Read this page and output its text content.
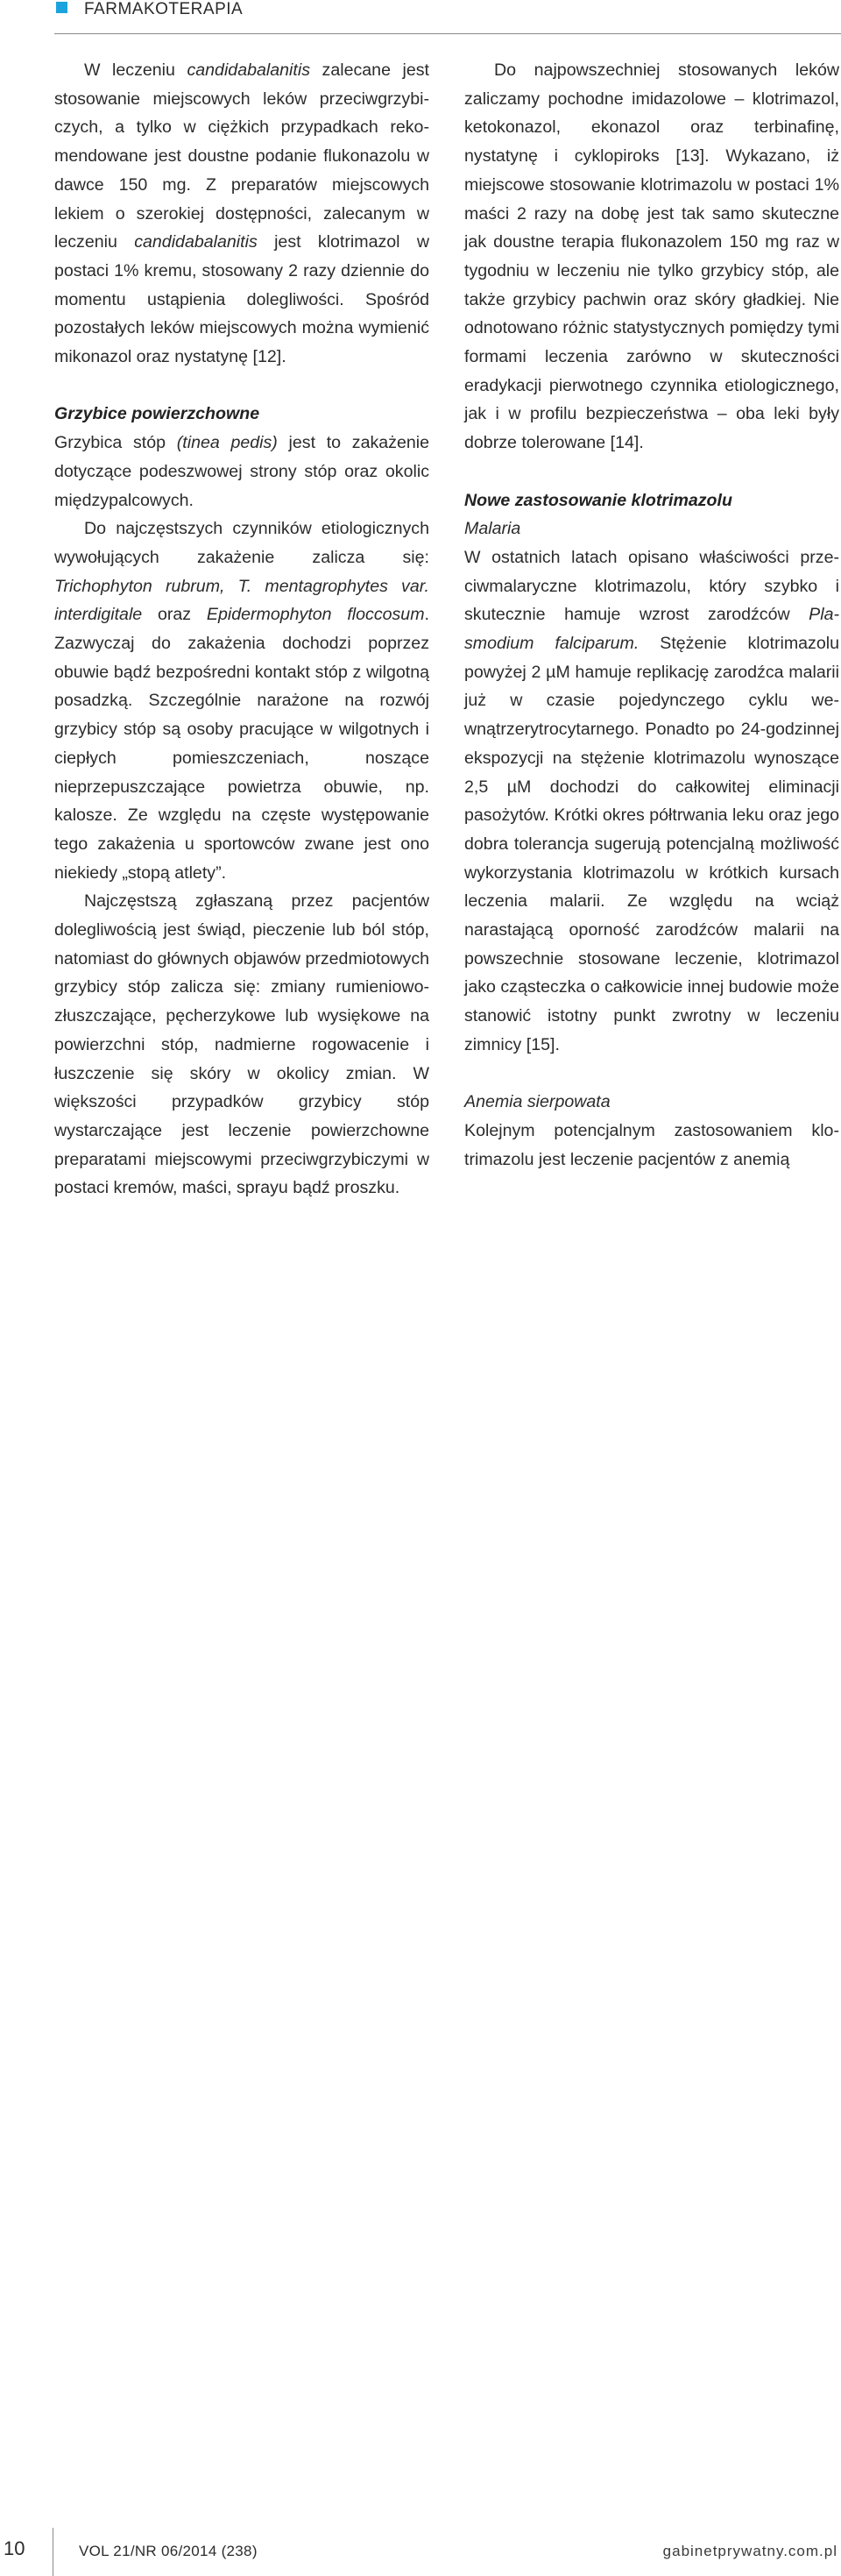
FARMAKOTERAPIA

W leczeniu candidabalanitis zalecane jest stosowanie miejscowych leków przeciwgrzybiczych, a tylko w ciężkich przypadkach rekomendowane jest doustne podanie flukonazolu w dawce 150 mg. Z preparatów miejscowych lekiem o szerokiej dostępności, zalecanym w leczeniu candidabalanitis jest klotrimazol w postaci 1% kremu, stosowany 2 razy dziennie do momentu ustąpienia dolegliwości. Spośród pozostałych leków miejscowych można wymienić mikonazol oraz nystatynę [12].

Grzybice powierzchowne

Grzybica stóp (tinea pedis) jest to zakażenie dotyczące podeszwowej strony stóp oraz okolic międzypalcowych.

Do najczęstszych czynników etiologicznych wywołujących zakażenie zalicza się: Trichophyton rubrum, T. mentagrophytes var. interdigitale oraz Epidermophyton floccosum. Zazwyczaj do zakażenia dochodzi poprzez obuwie bądź bezpośredni kontakt stóp z wilgotną posadzką. Szczególnie narażone na rozwój grzybicy stóp są osoby pracujące w wilgotnych i ciepłych pomieszczeniach, noszące nieprzepuszczające powietrza obuwie, np. kalosze. Ze względu na częste występowanie tego zakażenia u sportowców zwane jest ono niekiedy „stopą atlety”.

Najczęstszą zgłaszaną przez pacjentów dolegliwością jest świąd, pieczenie lub ból stóp, natomiast do głównych objawów przedmiotowych grzybicy stóp zalicza się: zmiany rumieniowo-złuszczające, pęcherzykowe lub wysiękowe na powierzchni stóp, nadmierne rogowacenie i łuszczenie się skóry w okolicy zmian. W większości przypadków grzybicy stóp wystarczające jest leczenie powierzchowne preparatami miejscowymi przeciwgrzybiczymi w postaci kremów, maści, sprayu bądź proszku.

Do najpowszechniej stosowanych leków zaliczamy pochodne imidazolowe – klotrimazol, ketokonazol, ekonazol oraz terbinafinę, nystatynę i cyklopiroks [13]. Wykazano, iż miejscowe stosowanie klotrimazolu w postaci 1% maści 2 razy na dobę jest tak samo skuteczne jak doustne terapia flukonazolem 150 mg raz w tygodniu w leczeniu nie tylko grzybicy stóp, ale także grzybicy pachwin oraz skóry gładkiej. Nie odnotowano różnic statystycznych pomiędzy tymi formami leczenia zarówno w skuteczności eradykacji pierwotnego czynnika etiologicznego, jak i w profilu bezpieczeństwa – oba leki były dobrze tolerowane [14].

Nowe zastosowanie klotrimazolu

Malaria

W ostatnich latach opisano właściwości przeciwmalaryczne klotrimazolu, który szybko i skutecznie hamuje wzrost zarodźców Plasmodium falciparum. Stężenie klotrimazolu powyżej 2 µM hamuje replikację zarodźca malarii już w czasie pojedynczego cyklu wewnątrzerytrocytarnego. Ponadto po 24-godzinnej ekspozycji na stężenie klotrimazolu wynoszące 2,5 µM dochodzi do całkowitej eliminacji pasożytów. Krótki okres półtrwania leku oraz jego dobra tolerancja sugerują potencjalną możliwość wykorzystania klotrimazolu w krótkich kursach leczenia malarii. Ze względu na wciąż narastającą oporność zarodźców malarii na powszechnie stosowane leczenie, klotrimazol jako cząsteczka o całkowicie innej budowie może stanowić istotny punkt zwrotny w leczeniu zimnicy [15].

Anemia sierpowata

Kolejnym potencjalnym zastosowaniem klotrimazolu jest leczenie pacjentów z anemią

10	VOL 21/NR 06/2014 (238)	gabinetprywatny.com.pl
